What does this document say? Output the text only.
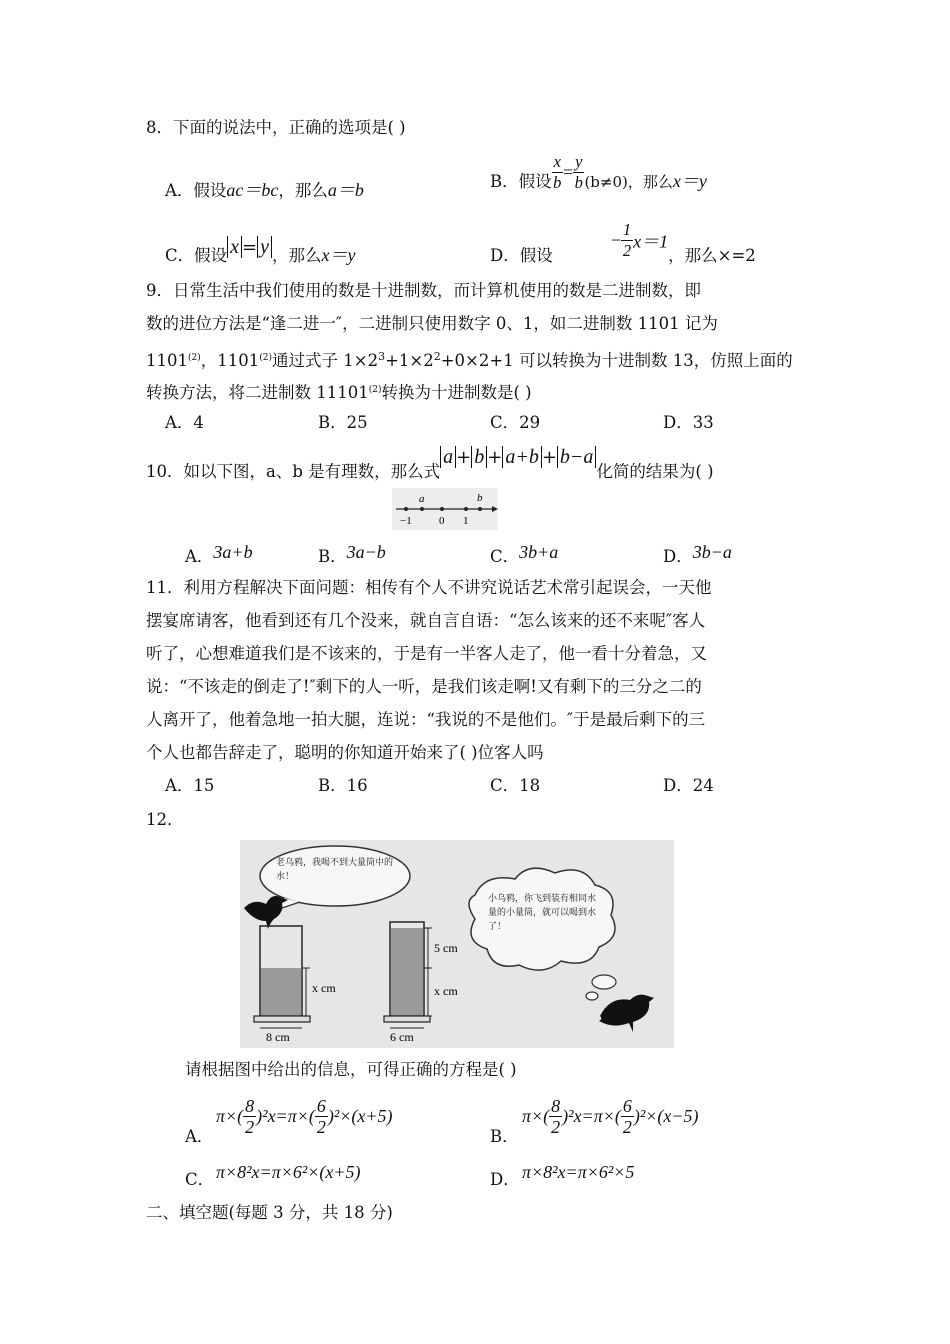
8．下面的说法中，正确的选项是( )
A．假设ac＝bc，那么a＝b	B．假设 $\frac{x}{b} = \frac{y}{b} (b\ne 0)$，那么x＝y
C．假设 x = y ，那么x＝y	D．假设− $\frac{1}{2} x=1$，那么×=2
9．日常生活中我们使用的数是十进制数，而计算机使用的数是二进制数，即
数的进位方法是“逢二进一″，二进制只使用数字 0、1，如二进制数 1101 记为
1101$^{(2)}$，1101$^{(2)}$通过式子 $1\times 2^3+1\times 2^2+0\times 2+1$ 可以转换为十进制数 13，仿照上面的
转换方法，将二进制数 11101$^{(2)}$转换为十进制数是( )
A．4	B．25	C．29	D．33
10．如以下图，a、b 是有理数，那么式a + b + a+b + b−a化简的结果为( )
a	b
−1 0 1
A．3a+b	B．3a−b	C．3b+a	D．3b−a
11．利用方程解决下面问题：相传有个人不讲究说话艺术常引起误会，一天他
摆宴席请客，他看到还有几个没来，就自言自语：“怎么该来的还不来呢″客人
听了，心想难道我们是不该来的，于是有一半客人走了，他一看十分着急，又
说：“不该走的倒走了!″剩下的人一听，是我们该走啊!又有剩下的三分之二的
人离开了，他着急地一拍大腿，连说：“我说的不是他们。″于是最后剩下的三
个人也都告辞走了，聪明的你知道开始来了( )位客人吗
A．15	B．16	C．18	D．24
12．
老乌鸦，我喝不到大量筒中的水！
小乌鸦，你飞到装有相同水量的小量筒，就可以喝到水了！
x cm
8 cm
5 cm
x cm
6 cm
请根据图中给出的信息，可得正确的方程是( )
A．
$\pi\times( \frac{8}{2} )^2x=\pi\times( \frac{6}{2} )^2\times(x+5)$
B．
$\pi\times( \frac{8}{2} )^2x=\pi\times( \frac{6}{2} )^2\times(x-5)$
C． π×8²x=π×6²×(x+5)	D． π×8²x=π×6²×5
二、填空题(每题 3 分，共 18 分)
